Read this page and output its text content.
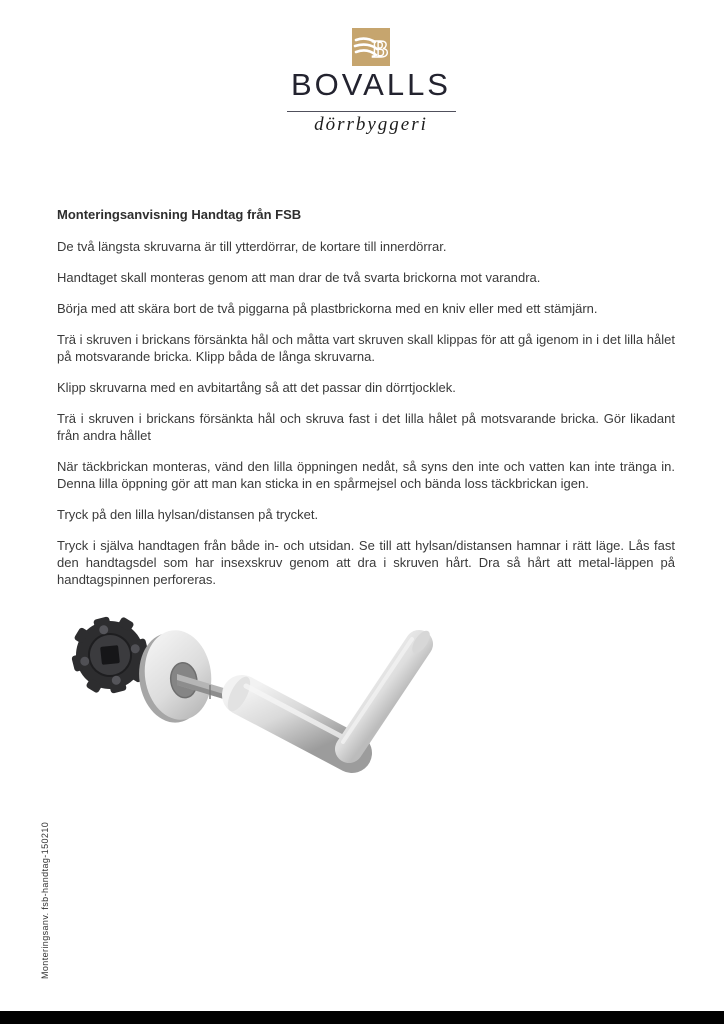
B
BOVALLS
dörrbyggeri
Monteringsanvisning Handtag från FSB

De två längsta skruvarna är till ytterdörrar, de kortare till innerdörrar.

Handtaget skall monteras genom att man drar de två svarta brickorna mot varandra.

Börja med att skära bort de två piggarna på plastbrickorna med en kniv eller med ett stämjärn.

Trä i skruven i brickans försänkta hål och måtta vart skruven skall klippas för att gå igenom in i det lilla hålet på motsvarande bricka. Klipp båda de långa skruvarna.

Klipp skruvarna med en avbitartång så att det passar din dörrtjocklek.

Trä i skruven i brickans försänkta hål och skruva fast i det lilla hålet på motsvarande bricka. Gör likadant från andra hållet

När täckbrickan monteras, vänd den lilla öppningen nedåt, så syns den inte och vatten kan inte tränga in. Denna lilla öppning gör att man kan sticka in en spårmejsel och bända loss täckbrickan igen.

Tryck på den lilla hylsan/distansen på trycket.

Tryck i själva handtagen från både in- och utsidan. Se till att hylsan/distansen hamnar i rätt läge. Lås fast den handtagsdel som har insexskruv genom att dra i skruven hårt. Dra så hårt att metal-läppen på handtagspinnen perforeras.

Monteringsanv. fsb-handtag-150210
